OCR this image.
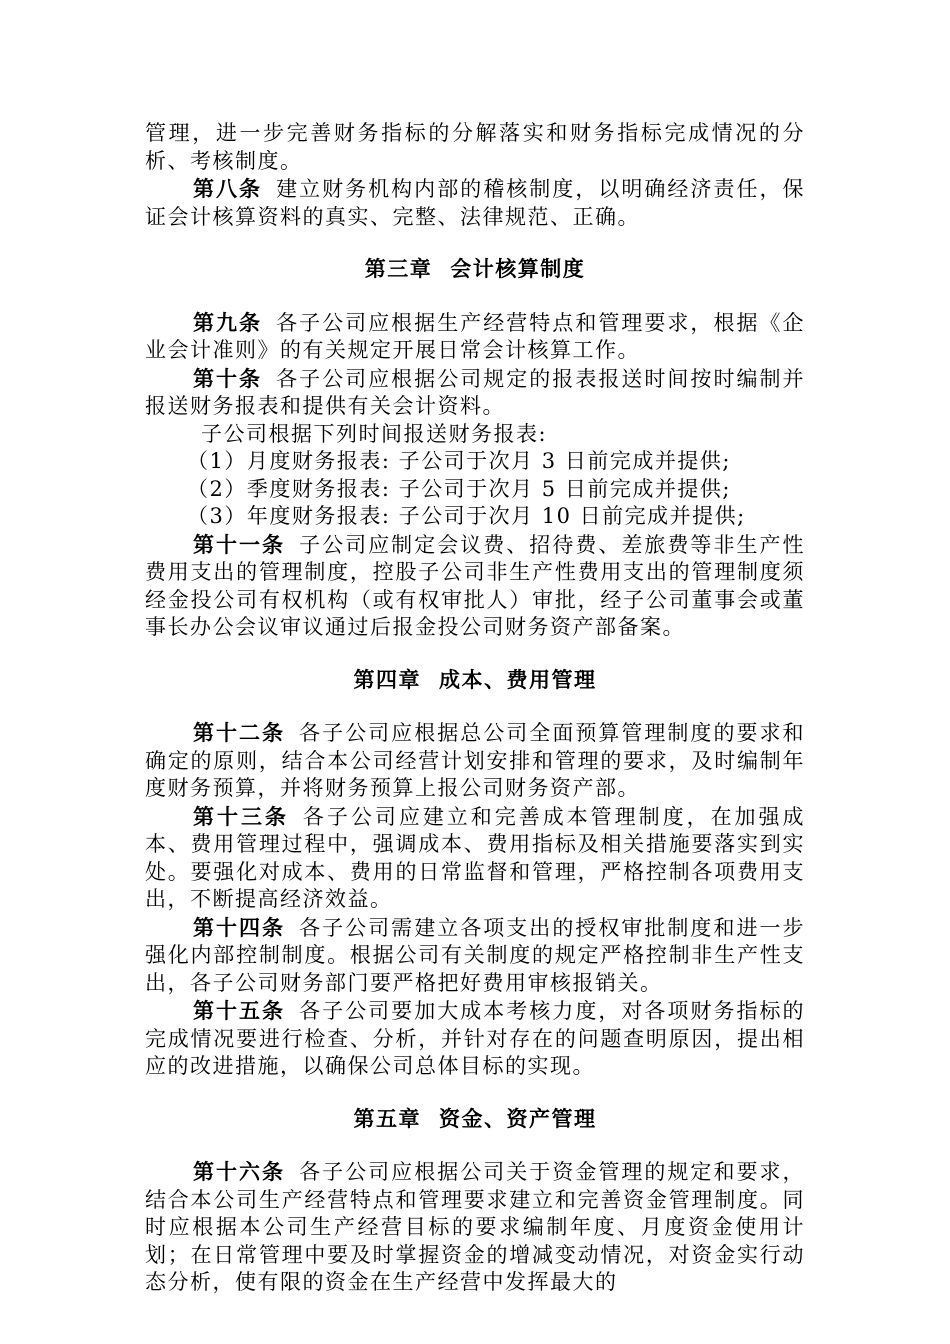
管理，进一步完善财务指标的分解落实和财务指标完成情况的分析、考核制度。

第八条 建立财务机构内部的稽核制度，以明确经济责任，保证会计核算资料的真实、完整、法律规范、正确。

第三章 会计核算制度

第九条 各子公司应根据生产经营特点和管理要求，根据《企业会计准则》的有关规定开展日常会计核算工作。

第十条 各子公司应根据公司规定的报表报送时间按时编制并报送财务报表和提供有关会计资料。

子公司根据下列时间报送财务报表:

（1）月度财务报表: 子公司于次月 3 日前完成并提供;

（2）季度财务报表: 子公司于次月 5 日前完成并提供;

（3）年度财务报表: 子公司于次月 10 日前完成并提供;

第十一条 子公司应制定会议费、招待费、差旅费等非生产性费用支出的管理制度，控股子公司非生产性费用支出的管理制度须经金投公司有权机构（或有权审批人）审批，经子公司董事会或董事长办公会议审议通过后报金投公司财务资产部备案。

第四章 成本、费用管理

第十二条 各子公司应根据总公司全面预算管理制度的要求和确定的原则，结合本公司经营计划安排和管理的要求，及时编制年度财务预算，并将财务预算上报公司财务资产部。

第十三条 各子公司应建立和完善成本管理制度，在加强成本、费用管理过程中，强调成本、费用指标及相关措施要落实到实处。要强化对成本、费用的日常监督和管理，严格控制各项费用支出，不断提高经济效益。

第十四条 各子公司需建立各项支出的授权审批制度和进一步强化内部控制制度。根据公司有关制度的规定严格控制非生产性支出，各子公司财务部门要严格把好费用审核报销关。

第十五条 各子公司要加大成本考核力度，对各项财务指标的完成情况要进行检查、分析，并针对存在的问题查明原因，提出相应的改进措施，以确保公司总体目标的实现。

第五章 资金、资产管理

第十六条 各子公司应根据公司关于资金管理的规定和要求，结合本公司生产经营特点和管理要求建立和完善资金管理制度。同时应根据本公司生产经营目标的要求编制年度、月度资金使用计划；在日常管理中要及时掌握资金的增减变动情况，对资金实行动态分析，使有限的资金在生产经营中发挥最大的
